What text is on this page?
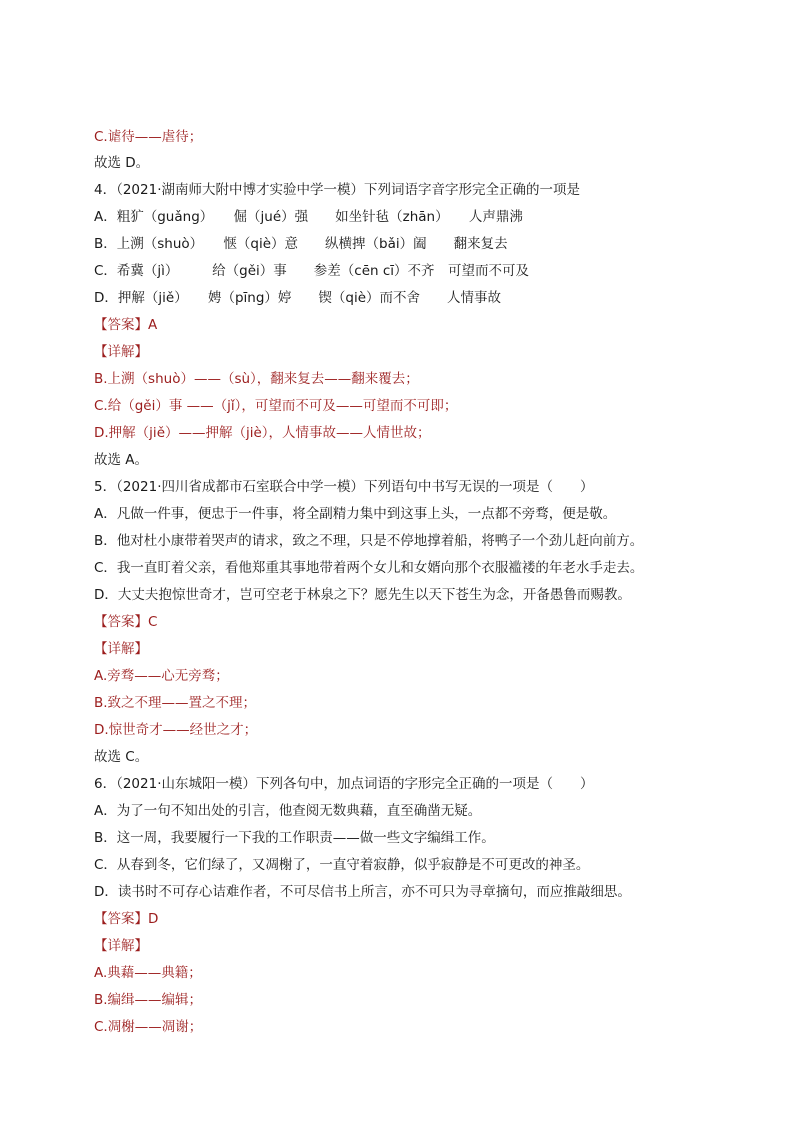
C.谑待——虐待；
故选 D。
4．（2021·湖南师大附中博才实验中学一模）下列词语字音字形完全正确的一项是
A．粗犷（guǎng）　　倔（jué）强　　如坐针毡（zhān）　　人声鼎沸
B．上溯（shuò）　　惬（qiè）意　　纵横捭（bǎi）阖　　翻来复去
C．希冀（jì）　　　给（gěi）事　　参差（cēn cī）不齐　可望而不可及
D．押解（jiě）　　娉（pīng）婷　　锲（qiè）而不舍　　人情事故
【答案】A
【详解】
B.上溯（shuò）——（sù），翻来复去——翻来覆去；
C.给（gěi）事 ——（jǐ），可望而不可及——可望而不可即；
D.押解（jiě）——押解（jiè），人情事故——人情世故；
故选 A。
5．（2021·四川省成都市石室联合中学一模）下列语句中书写无误的一项是（　　）
A．凡做一件事，便忠于一件事，将全副精力集中到这事上头，一点都不旁骛，便是敬。
B．他对杜小康带着哭声的请求，致之不理，只是不停地撑着船，将鸭子一个劲儿赶向前方。
C．我一直盯着父亲，看他郑重其事地带着两个女儿和女婿向那个衣服褴褛的年老水手走去。
D．大丈夫抱惊世奇才，岂可空老于林泉之下？愿先生以天下苍生为念，开备愚鲁而赐教。
【答案】C
【详解】
A.旁骛——心无旁骛；
B.致之不理——置之不理；
D.惊世奇才——经世之才；
故选 C。
6．（2021·山东城阳一模）下列各句中，加点词语的字形完全正确的一项是（　　）
A．为了一句不知出处的引言，他查阅无数典藉，直至确凿无疑。
B．这一周，我要履行一下我的工作职责——做一些文字编缉工作。
C．从春到冬，它们绿了，又凋榭了，一直守着寂静，似乎寂静是不可更改的神圣。
D．读书时不可存心诘难作者，不可尽信书上所言，亦不可只为寻章摘句，而应推敲细思。
【答案】D
【详解】
A.典藉——典籍；
B.编缉——编辑；
C.凋榭——凋谢；
